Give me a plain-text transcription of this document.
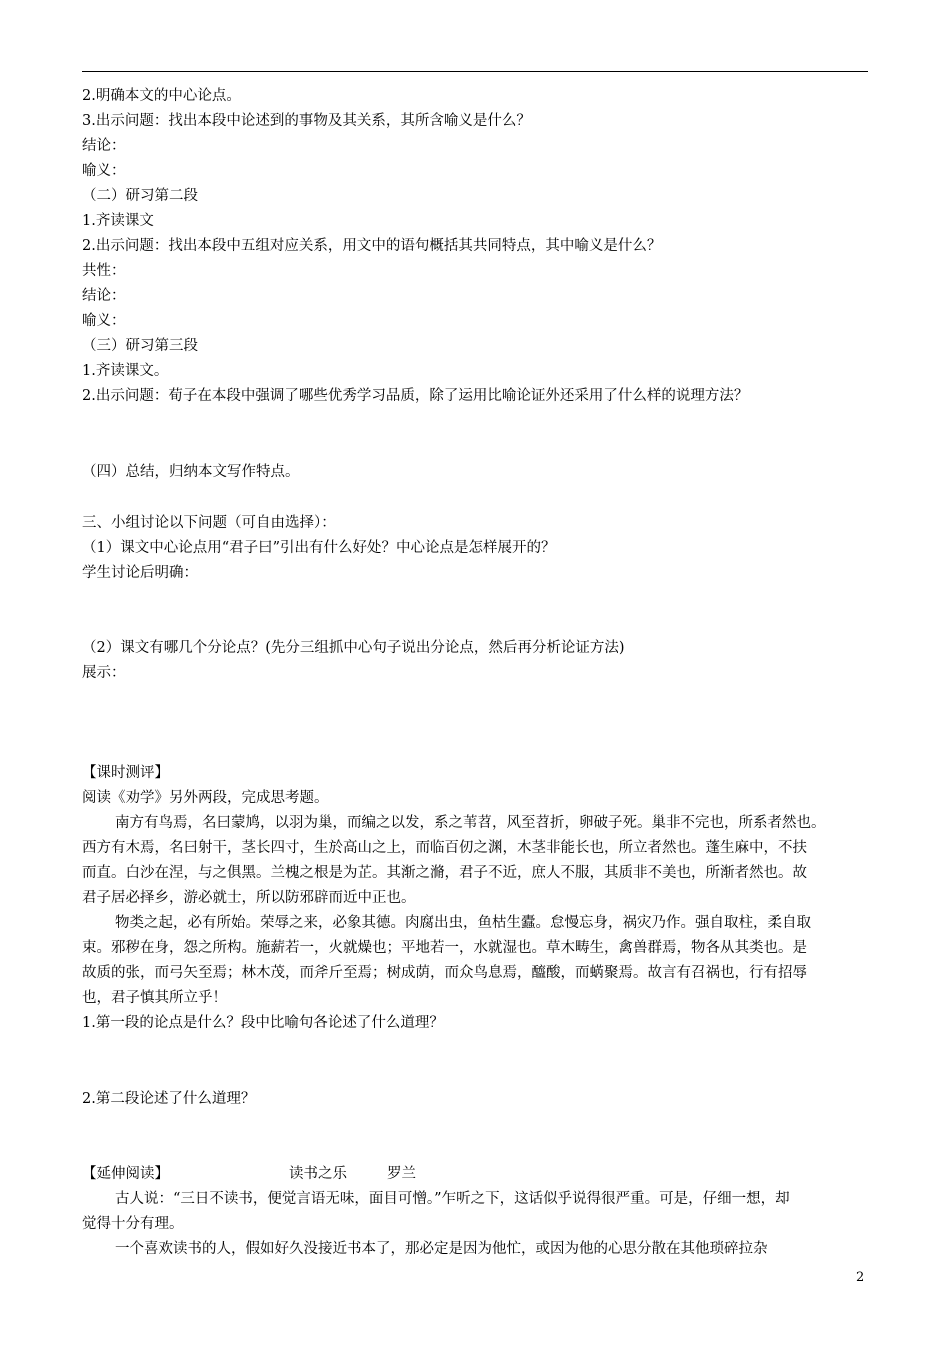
2.明确本文的中心论点。
3.出示问题：找出本段中论述到的事物及其关系，其所含喻义是什么？
结论：
喻义：
（二）研习第二段
1.齐读课文
2.出示问题：找出本段中五组对应关系，用文中的语句概括其共同特点，其中喻义是什么？
共性：
结论：
喻义：
（三）研习第三段
1.齐读课文。
2.出示问题：荀子在本段中强调了哪些优秀学习品质，除了运用比喻论证外还采用了什么样的说理方法？
（四）总结，归纳本文写作特点。
三、小组讨论以下问题（可自由选择）：
（1）课文中心论点用“君子曰”引出有什么好处？中心论点是怎样展开的？
学生讨论后明确：
（2）课文有哪几个分论点？(先分三组抓中心句子说出分论点，然后再分析论证方法)
展示：
【课时测评】
阅读《劝学》另外两段，完成思考题。
南方有鸟焉，名曰蒙鸠，以羽为巢，而编之以发，系之苇苕，风至苕折，卵破子死。巢非不完也，所系者然也。
西方有木焉，名曰射干，茎长四寸，生於高山之上，而临百仞之渊，木茎非能长也，所立者然也。蓬生麻中，不扶
而直。白沙在涅，与之俱黑。兰槐之根是为芷。其渐之滫，君子不近，庶人不服，其质非不美也，所渐者然也。故
君子居必择乡，游必就士，所以防邪辟而近中正也。
物类之起，必有所始。荣辱之来，必象其德。肉腐出虫，鱼枯生蠹。怠慢忘身，祸灾乃作。强自取柱，柔自取
束。邪秽在身，怨之所构。施薪若一，火就燥也；平地若一，水就湿也。草木畴生，禽兽群焉，物各从其类也。是
故质的张，而弓矢至焉；林木茂，而斧斤至焉；树成荫，而众鸟息焉，醯酸，而蜹聚焉。故言有召祸也，行有招辱
也，君子慎其所立乎！
1.第一段的论点是什么？段中比喻句各论述了什么道理？
2.第二段论述了什么道理？
【延伸阅读】	读书之乐	罗兰
古人说：“三日不读书，便觉言语无味，面目可憎。”乍听之下，这话似乎说得很严重。可是，仔细一想，却
觉得十分有理。
一个喜欢读书的人，假如好久没接近书本了，那必定是因为他忙，或因为他的心思分散在其他琐碎拉杂
2
